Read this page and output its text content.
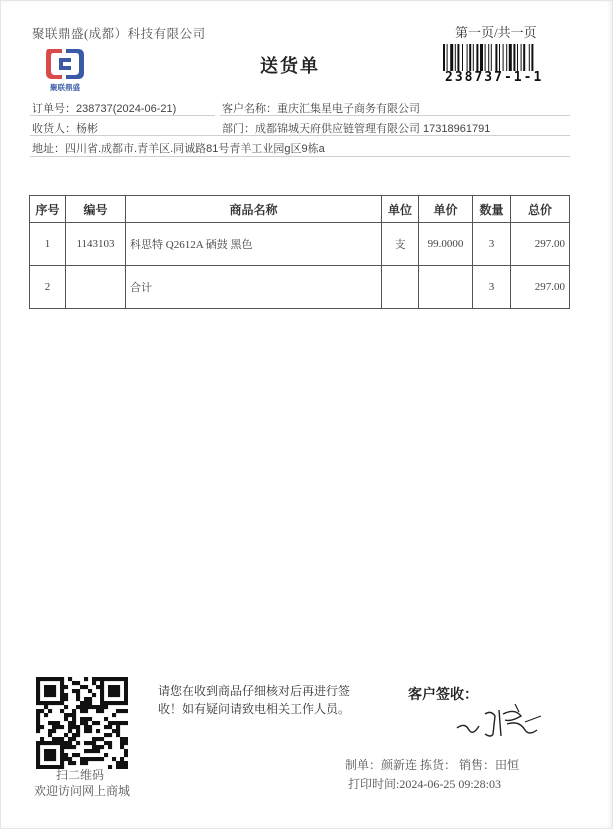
聚联鼎盛(成都）科技有限公司	第一页/共一页
聚联鼎盛
送货单
238737-1-1
订单号：238737(2024-06-21)	客户名称：重庆汇集星电子商务有限公司
收货人：杨彬	部门：成都锦城天府供应链管理有限公司 17318961791
地址：四川省.成都市.青羊区.同诚路81号青羊工业园g区9栋a
序号	编号	商品名称	单位	单价	数量	总价
1	1143103	科思特 Q2612A 硒鼓 黑色	支	99.0000	3	297.00
2		合计			3	297.00
扫二维码
欢迎访问网上商城
请您在收到商品仔细核对后再进行签收！如有疑问请致电相关工作人员。
客户签收：
制单：颜新连 拣货： 销售：田恒
打印时间:2024-06-25 09:28:03
